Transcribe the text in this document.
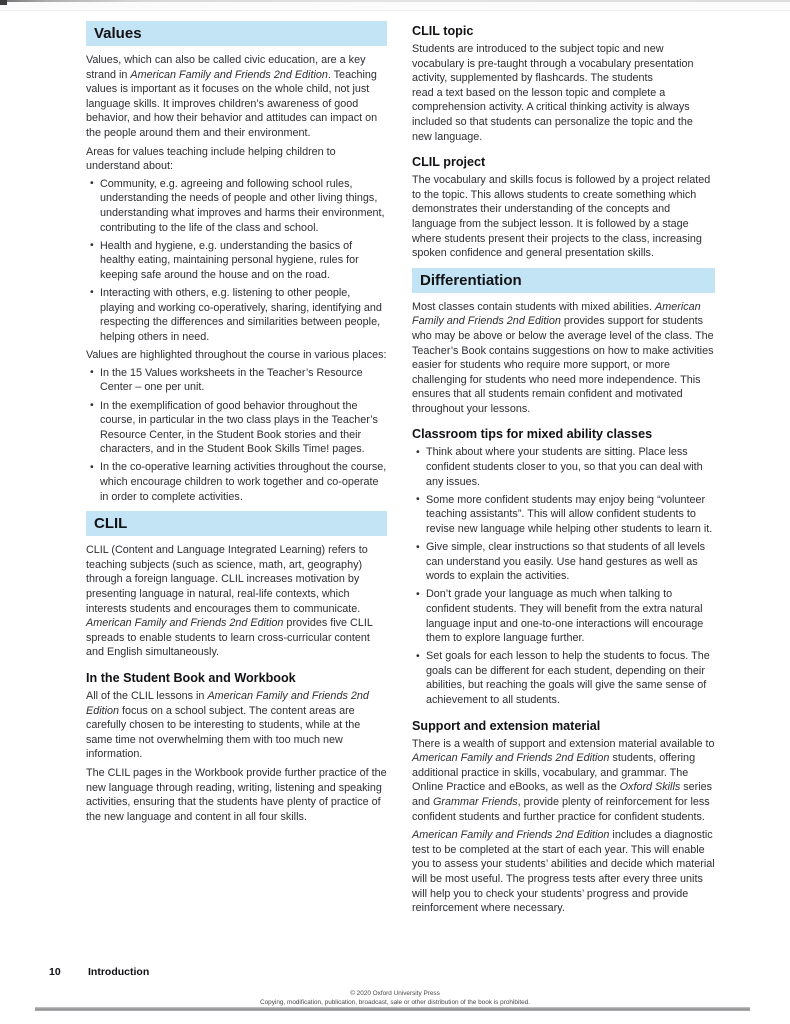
Values

Values, which can also be called civic education, are a key strand in American Family and Friends 2nd Edition. Teaching values is important as it focuses on the whole child, not just language skills. It improves children’s awareness of good behavior, and how their behavior and attitudes can impact on the people around them and their environment.

Areas for values teaching include helping children to understand about:

• Community, e.g. agreeing and following school rules, understanding the needs of people and other living things, understanding what improves and harms their environment, contributing to the life of the class and school.
• Health and hygiene, e.g. understanding the basics of healthy eating, maintaining personal hygiene, rules for keeping safe around the house and on the road.
• Interacting with others, e.g. listening to other people, playing and working co-operatively, sharing, identifying and respecting the differences and similarities between people, helping others in need.

Values are highlighted throughout the course in various places:

• In the 15 Values worksheets in the Teacher’s Resource Center – one per unit.
• In the exemplification of good behavior throughout the course, in particular in the two class plays in the Teacher’s Resource Center, in the Student Book stories and their characters, and in the Student Book Skills Time! pages.
• In the co-operative learning activities throughout the course, which encourage children to work together and co-operate in order to complete activities.
CLIL

CLIL (Content and Language Integrated Learning) refers to teaching subjects (such as science, math, art, geography) through a foreign language. CLIL increases motivation by presenting language in natural, real-life contexts, which interests students and encourages them to communicate. American Family and Friends 2nd Edition provides five CLIL spreads to enable students to learn cross-curricular content and English simultaneously.

In the Student Book and Workbook

All of the CLIL lessons in American Family and Friends 2nd Edition focus on a school subject. The content areas are carefully chosen to be interesting to students, while at the same time not overwhelming them with too much new information.

The CLIL pages in the Workbook provide further practice of the new language through reading, writing, listening and speaking activities, ensuring that the students have plenty of practice of the new language and content in all four skills.

CLIL topic

Students are introduced to the subject topic and new vocabulary is pre-taught through a vocabulary presentation activity, supplemented by flashcards. The students
read a text based on the lesson topic and complete a comprehension activity. A critical thinking activity is always included so that students can personalize the topic and the new language.

CLIL project

The vocabulary and skills focus is followed by a project related to the topic. This allows students to create something which demonstrates their understanding of the concepts and language from the subject lesson. It is followed by a stage where students present their projects to the class, increasing spoken confidence and general presentation skills.

Differentiation

Most classes contain students with mixed abilities. American Family and Friends 2nd Edition provides support for students who may be above or below the average level of the class. The Teacher’s Book contains suggestions on how to make activities easier for students who require more support, or more challenging for students who need more independence. This ensures that all students remain confident and motivated throughout your lessons.

Classroom tips for mixed ability classes
• Think about where your students are sitting. Place less confident students closer to you, so that you can deal with any issues.
• Some more confident students may enjoy being “volunteer teaching assistants”. This will allow confident students to revise new language while helping other students to learn it.
• Give simple, clear instructions so that students of all levels can understand you easily. Use hand gestures as well as words to explain the activities.
• Don’t grade your language as much when talking to confident students. They will benefit from the extra natural language input and one-to-one interactions will encourage them to explore language further.
• Set goals for each lesson to help the students to focus. The goals can be different for each student, depending on their abilities, but reaching the goals will give the same sense of achievement to all students.
Support and extension material

There is a wealth of support and extension material available to American Family and Friends 2nd Edition students, offering additional practice in skills, vocabulary, and grammar. The Online Practice and eBooks, as well as the Oxford Skills series and Grammar Friends, provide plenty of reinforcement for less confident students and further practice for confident students.

American Family and Friends 2nd Edition includes a diagnostic test to be completed at the start of each year. This will enable you to assess your students’ abilities and decide which material will be most useful. The progress tests after every three units will help you to check your students’ progress and provide reinforcement where necessary.

10	Introduction
© 2020 Oxford University Press
Copying, modification, publication, broadcast, sale or other distribution of the book is prohibited.
